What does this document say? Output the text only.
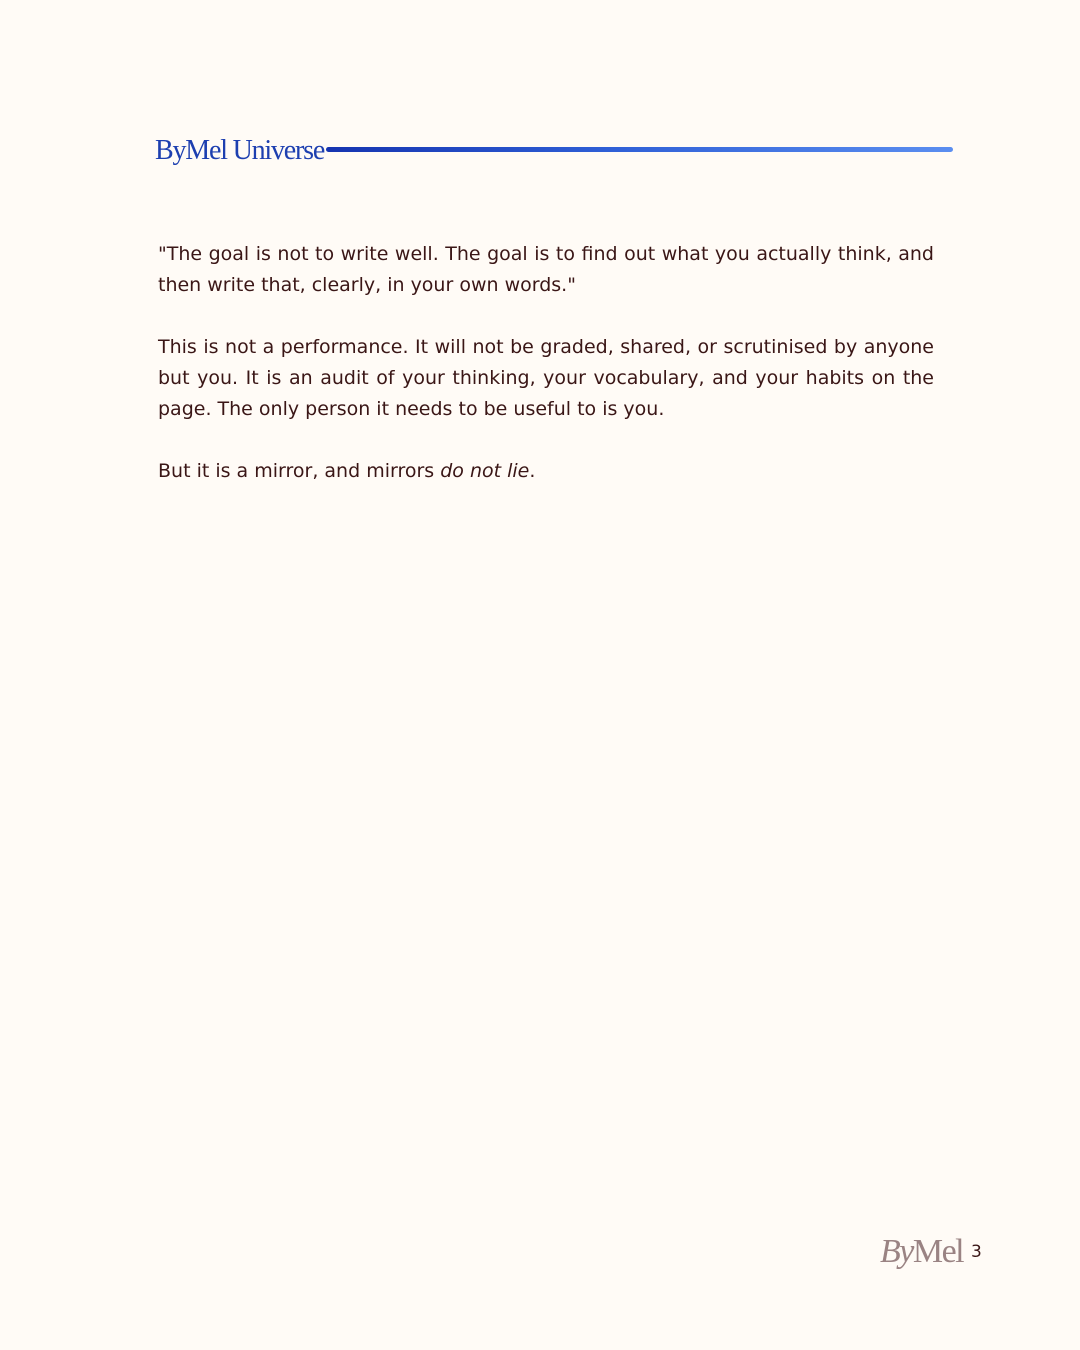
ByMel Universe

"The goal is not to write well. The goal is to find out what you actually think, and then write that, clearly, in your own words."

This is not a performance. It will not be graded, shared, or scrutinised by anyone but you. It is an audit of your thinking, your vocabulary, and your habits on the page. The only person it needs to be useful to is you.

But it is a mirror, and mirrors do not lie.

ByMel 3
